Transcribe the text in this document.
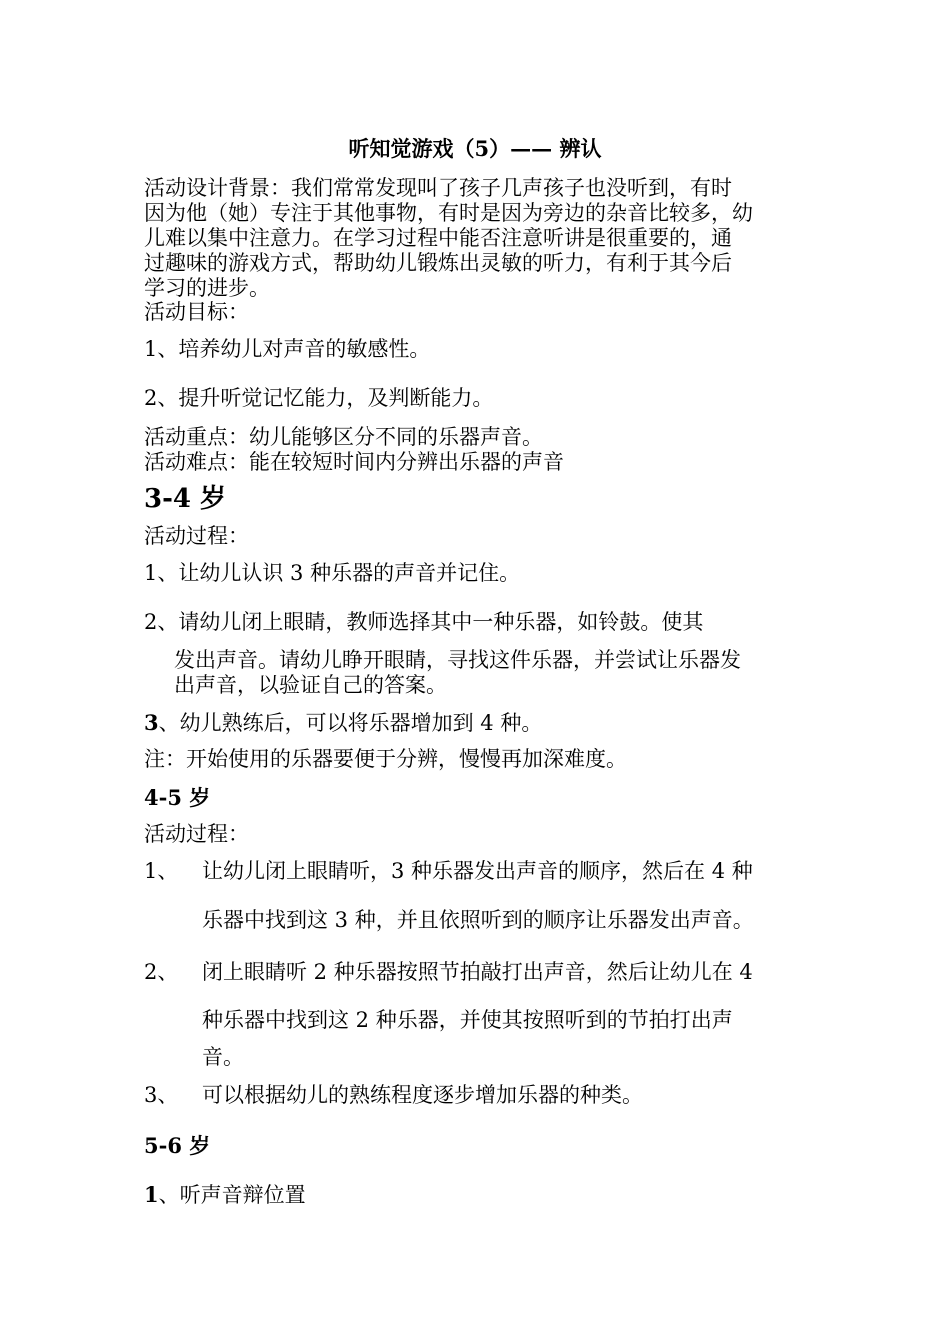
听知觉游戏（5）—— 辨认
活动设计背景：我们常常发现叫了孩子几声孩子也没听到，有时
因为他（她）专注于其他事物，有时是因为旁边的杂音比较多，幼
儿难以集中注意力。在学习过程中能否注意听讲是很重要的，通
过趣味的游戏方式，帮助幼儿锻炼出灵敏的听力，有利于其今后
学习的进步。
活动目标：
1、培养幼儿对声音的敏感性。
2、提升听觉记忆能力，及判断能力。
活动重点：幼儿能够区分不同的乐器声音。
活动难点：能在较短时间内分辨出乐器的声音
3-4 岁
活动过程：
1、让幼儿认识 3 种乐器的声音并记住。
2、请幼儿闭上眼睛，教师选择其中一种乐器，如铃鼓。使其
发出声音。请幼儿睁开眼睛，寻找这件乐器，并尝试让乐器发
出声音，以验证自己的答案。
3、幼儿熟练后，可以将乐器增加到 4 种。
注：开始使用的乐器要便于分辨，慢慢再加深难度。
4-5 岁
活动过程：
1、 让幼儿闭上眼睛听，3 种乐器发出声音的顺序，然后在 4 种
乐器中找到这 3 种，并且依照听到的顺序让乐器发出声音。
2、 闭上眼睛听 2 种乐器按照节拍敲打出声音，然后让幼儿在 4
种乐器中找到这 2 种乐器，并使其按照听到的节拍打出声
音。
3、 可以根据幼儿的熟练程度逐步增加乐器的种类。
5-6 岁
1、听声音辩位置
